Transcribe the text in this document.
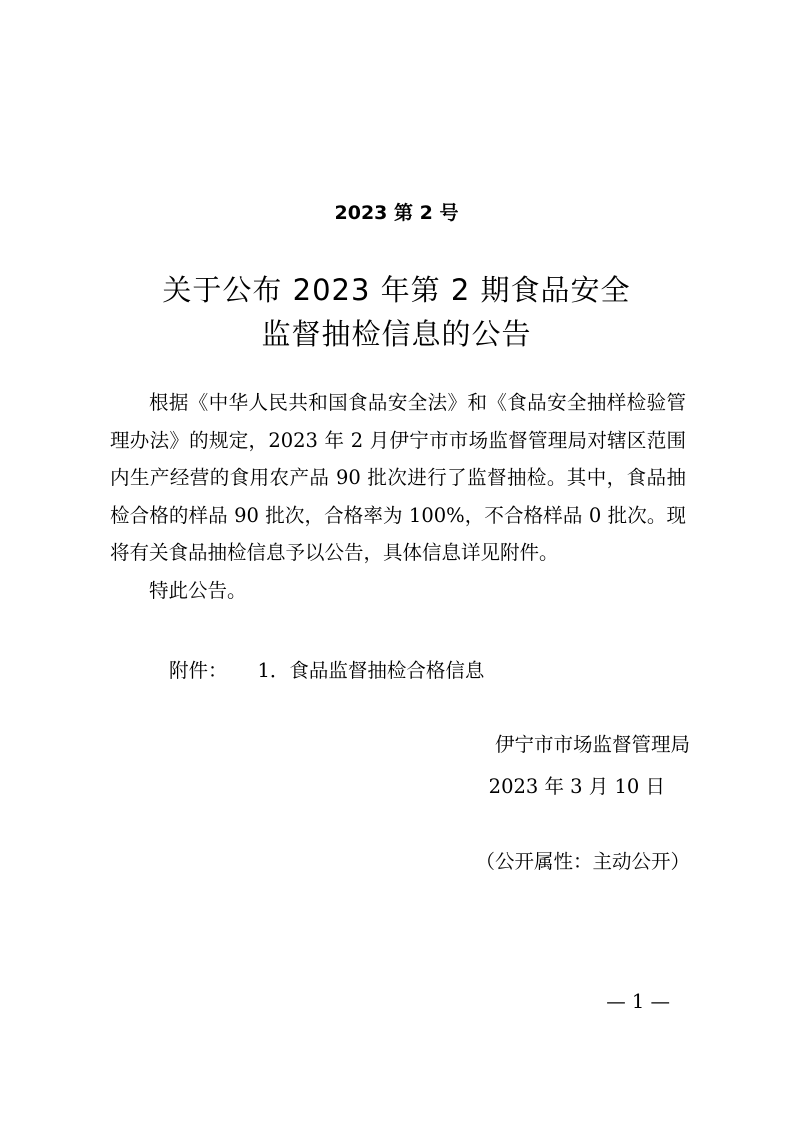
2023 第 2 号
关于公布 2023 年第 2 期食品安全
监督抽检信息的公告

根据《中华人民共和国食品安全法》和《食品安全抽样检验管理办法》的规定，2023 年 2 月伊宁市市场监督管理局对辖区范围内生产经营的食用农产品 90 批次进行了监督抽检。其中，食品抽检合格的样品 90 批次，合格率为 100%，不合格样品 0 批次。现将有关食品抽检信息予以公告，具体信息详见附件。

特此公告。

附件： 1．食品监督抽检合格信息
伊宁市市场监督管理局
2023 年 3 月 10 日
（公开属性：主动公开）
— 1 —
